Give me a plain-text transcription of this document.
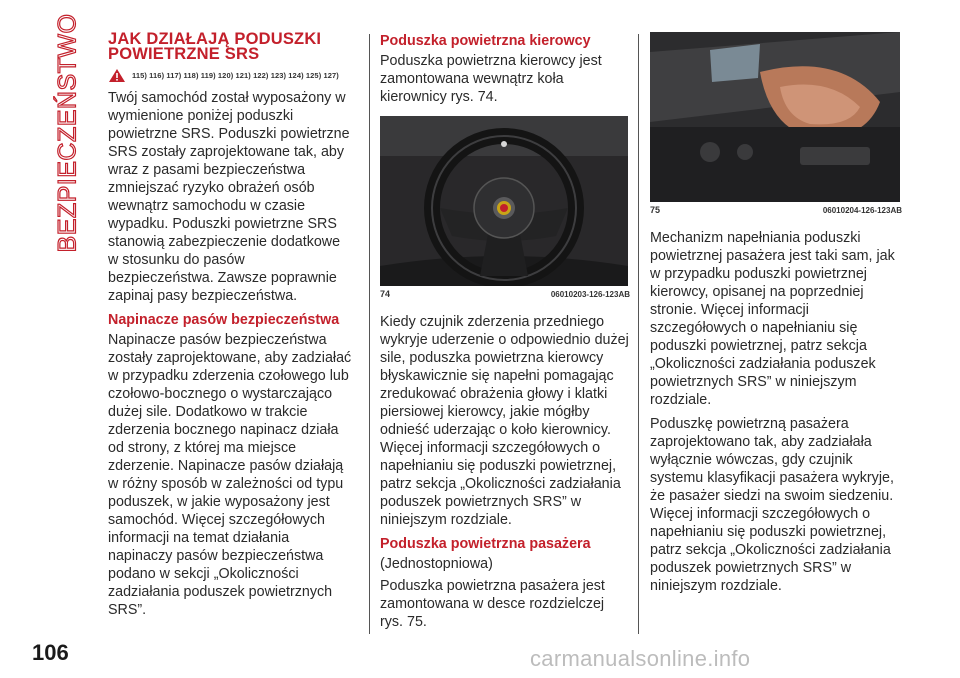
BEZPIECZEŃSTWO JAK DZIAŁAJĄ PODUSZKI POWIETRZNE SRS
115) 116) 117) 118) 119) 120) 121) 122) 123) 124) 125) 127)

Twój samochód został wyposażony w wymienione poniżej poduszki powietrzne SRS. Poduszki powietrzne SRS zostały zaprojektowane tak, aby wraz z pasami bezpieczeństwa zmniejszać ryzyko obrażeń osób wewnątrz samochodu w czasie wypadku. Poduszki powietrzne SRS stanowią zabezpieczenie dodatkowe w stosunku do pasów bezpieczeństwa. Zawsze poprawnie zapinaj pasy bezpieczeństwa.

Napinacze pasów bezpieczeństwa

Napinacze pasów bezpieczeństwa zostały zaprojektowane, aby zadziałać w przypadku zderzenia czołowego lub czołowo-bocznego o wystarczająco dużej sile. Dodatkowo w trakcie zderzenia bocznego napinacz działa od strony, z której ma miejsce zderzenie. Napinacze pasów działają w różny sposób w zależności od typu poduszek, w jakie wyposażony jest samochód. Więcej szczegółowych informacji na temat działania napinaczy pasów bezpieczeństwa podano w sekcji „Okoliczności zadziałania poduszek powietrznych SRS”.

Poduszka powietrzna kierowcy

Poduszka powietrzna kierowcy jest zamontowana wewnątrz koła kierownicy rys. 74.

74	06010203-126-123AB

Kiedy czujnik zderzenia przedniego wykryje uderzenie o odpowiednio dużej sile, poduszka powietrzna kierowcy błyskawicznie się napełni pomagając zredukować obrażenia głowy i klatki piersiowej kierowcy, jakie mógłby odnieść uderzając o koło kierownicy. Więcej informacji szczegółowych o napełnianiu się poduszki powietrznej, patrz sekcja „Okoliczności zadziałania poduszek powietrznych SRS” w niniejszym rozdziale.

Poduszka powietrzna pasażera

(Jednostopniowa)

Poduszka powietrzna pasażera jest zamontowana w desce rozdzielczej rys. 75.

75	06010204-126-123AB

Mechanizm napełniania poduszki powietrznej pasażera jest taki sam, jak w przypadku poduszki powietrznej kierowcy, opisanej na poprzedniej stronie. Więcej informacji szczegółowych o napełnianiu się poduszki powietrznej, patrz sekcja „Okoliczności zadziałania poduszek powietrznych SRS” w niniejszym rozdziale.

Poduszkę powietrzną pasażera zaprojektowano tak, aby zadziałała wyłącznie wówczas, gdy czujnik systemu klasyfikacji pasażera wykryje, że pasażer siedzi na swoim siedzeniu. Więcej informacji szczegółowych o napełnianiu się poduszki powietrznej, patrz sekcja „Okoliczności zadziałania poduszek powietrznych SRS” w niniejszym rozdziale.

106	carmanualsonline.info
